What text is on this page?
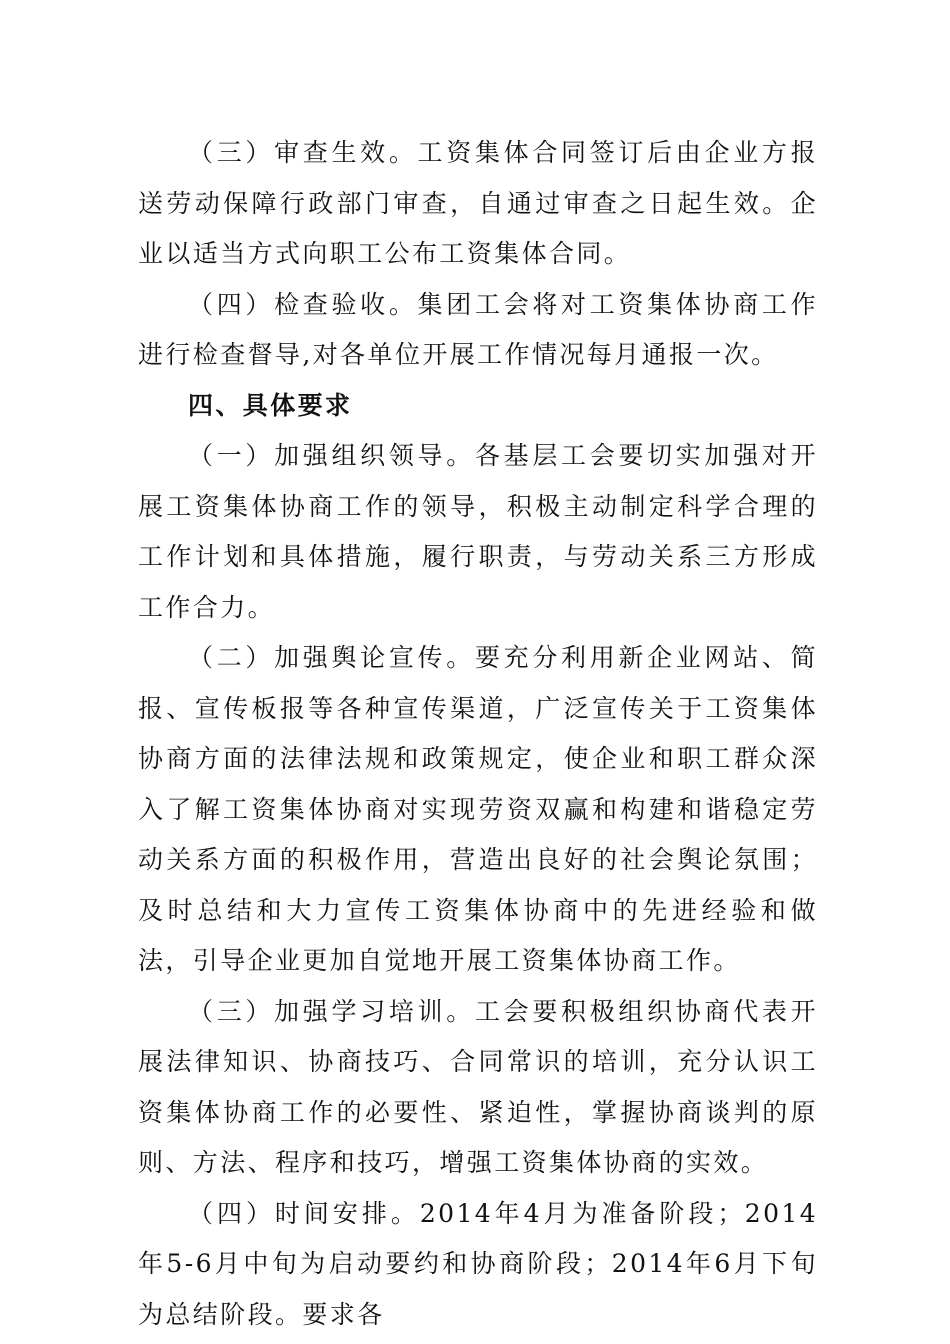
（三）审查生效。工资集体合同签订后由企业方报送劳动保障行政部门审查，自通过审查之日起生效。企业以适当方式向职工公布工资集体合同。

（四）检查验收。集团工会将对工资集体协商工作进行检查督导,对各单位开展工作情况每月通报一次。

四、具体要求

（一）加强组织领导。各基层工会要切实加强对开展工资集体协商工作的领导，积极主动制定科学合理的工作计划和具体措施，履行职责，与劳动关系三方形成工作合力。

（二）加强舆论宣传。要充分利用新企业网站、简报、宣传板报等各种宣传渠道，广泛宣传关于工资集体协商方面的法律法规和政策规定，使企业和职工群众深入了解工资集体协商对实现劳资双赢和构建和谐稳定劳动关系方面的积极作用，营造出良好的社会舆论氛围；及时总结和大力宣传工资集体协商中的先进经验和做法，引导企业更加自觉地开展工资集体协商工作。

（三）加强学习培训。工会要积极组织协商代表开展法律知识、协商技巧、合同常识的培训，充分认识工资集体协商工作的必要性、紧迫性，掌握协商谈判的原则、方法、程序和技巧，增强工资集体协商的实效。

（四）时间安排。2014年4月为准备阶段；2014年5-6月中旬为启动要约和协商阶段；2014年6月下旬为总结阶段。要求各
